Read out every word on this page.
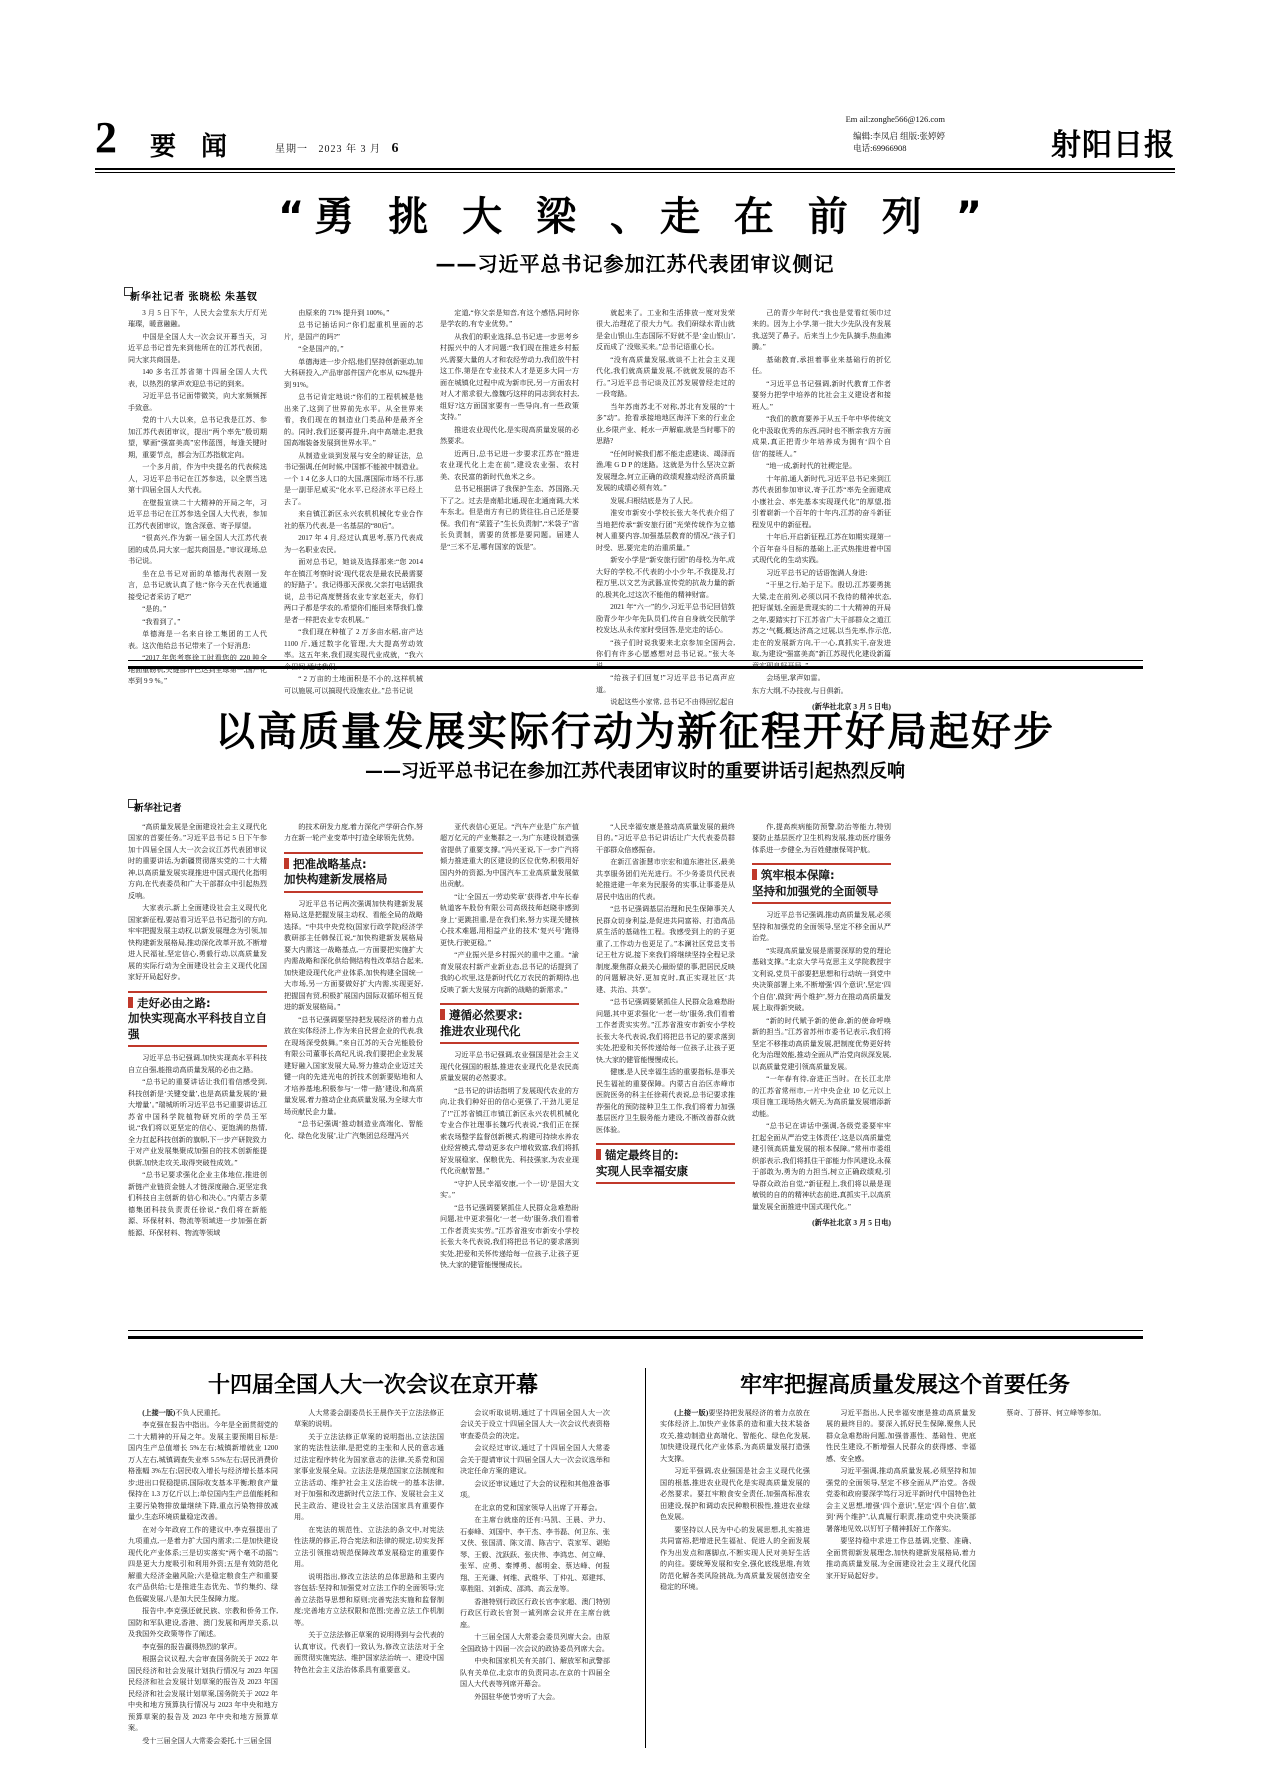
2 要 闻	星期一 2023 年 3 月 6
Em ail:zonghe566@126.com
编辑:李凤启 组版:张婷婷
电话:69966908	射阳日报
“勇 挑 大 梁 、走 在 前 列 ”
——习近平总书记参加江苏代表团审议侧记
新华社记者 张晓松 朱基钗

3 月 5 日下午，人民大会堂东大厅灯光璀璨，暖意融融。

中国是全国人大一次会议开幕当天，习近平总书记首先来到他所在的江苏代表团，同大家共商国是。

140 多名江苏省第十四届全国人大代表，以热烈的掌声欢迎总书记的到来。

习近平总书记面带微笑，向大家频频挥手致意。

党的十八大以来，总书记我是江苏、参加江苏代表团审议，提出“两个率先”殷切期望，擘画“强富美高”宏伟蓝图，每逢关键时期，重要节点，都会为江苏指航定向。

一个多月前，作为中央提名的代表候选人，习近平总书记在江苏参选，以全票当选第十四届全国人大代表。

在壁报宣读二十大精神的开局之年，习近平总书记在江苏参选全国人大代表，参加江苏代表团审议，饱含深意、寄予厚望。

“很高兴,作为新一届全国人大江苏代表团的成员,同大家一起共商国是。”审议现场,总书记说。

坐在总书记对面的单德海代表刚一发言，总书记就认真了他:“你今天在代表通道接受记者采访了吧?”

“是的。”

“我看到了。”

单德海是一名来自徐工集团的工人代表。这次他给总书记带来了一个好消息:

“2017 年您考察徐工时看您的 220 吨全地面重磅机,关键部件已达到全球第一,国产化率到 9 9 %。”

由原来的 71% 提升到 100%。”

总书记插话问:“你们起重机里面的芯片，是国产的吗?”

“全是国产的。”

单德海进一步介绍,他们坚持创新驱动,加大科研投入,产品审部件国产化率从 62%提升到 91%。

总书记肯定地说:“你们的工程机械是他出来了,这到了世界前先水平。从全世界来看，我们现在的制造业门类品种是最齐全的。同时,我们还要再提升,向中高端走,把我国高端装备发展到世界水平。”

从制造业谈到发展与安全的辩证法，总书记强调,任何时候,中国都不能被中制造业。一个 1 4 亿多人口的大国,落国际市场不行,那是一副菲尼威买“化水平,已经济水平已经上去了。

来自镇江新区永兴农机机械化专业合作社的蔡乃代表,是一名基层的“80后”。

2017 年 4 月,经过认真思考,蔡乃代表成为一名职业农民。

面对总书记，她谈及选择那来:“您 2014 年在镇江考察时说‘现代花农是最农民最需要的好路子’。我记得那天深夜,父亲打电话跟我说，总书记高度赞扬农业专家赵亚夫，你们两口子都是学农的,希望你们能回来帮我们,像是者一样把农业专农机展。”

“我们现在种植了 2 万多亩水稻,亩产达 1100 斤,通过数字化管理,大大提高劳动效率。这五年来,我们现实现代业成就，“我六个田间,通过我们,

“ 2 万亩的土地面积是不小的,这样机械可以施展,可以搞现代设施农业。”总书记说

定道,“你父亲是知音,有这个感悟,同时你是学农的,有专业优势。”

从我们的职业选择,总书记进一步思考乡村振兴中的人才问题:“我们现在推进乡村振兴,需要大量的人才和农经劳动力,我们放牛村这工作,第是在专业技术人才是更多大同一方面在城镇化过程中成为新市民,另一方面农村对人才需求很大,像魏巧这样的同志到农村去,组好?这方面国家要有一些导向,有一些政策支持。”

推进农业现代化,是实现高质量发展的必然要求。

近两日,总书记进一步要求江苏在“推进农业现代化上走在前”,建设农业强、农村美、农民富的新时代鱼米之乡。

总书记根据讲了我保护生态、苏国路,天下了之。过去是南船北通,现在北通南调,大米车东北。但是南方有已的货往往,自己还是要保。我们有“菜篮子”生长负责制”,“米袋子”省长负责制，需要的货都是要同题。届建人是“三米不足,哪有国家的饭是”。

就起来了。工业和生活排放一度对发荣很大,治理花了很大力气。我们研绿水青山就是金山银山,生态国际不好就不是‘金山银山’,反而成了‘没账买来。”总书记语重心长。

“没有高质量发展,就谈不上社会主义现代化,我们就高质量发展,不就就发展的态不行。”习近平总书记谈及江苏发展曾经走过的一段弯路。

当年苏南苏北不对称,苏北有发展的“十多”动”。抢看承接地地区海洋下来的行业企业,乡限产业、耗水一声解雇,就是当时哪下的思路?

“任何时候我们都不能走虑建谈、竭泽而渔,唯 G D P 的迷路。这就是为什么坚决立新发展理念,何立正确的政绩观推动经济高质量发展的成绩必须有效。”

发展,归根结底是为了人民。

准安市新安小学校长张大冬代表介绍了当地把传承“新安旅行团”光荣传统作为立德树人重要内容,加强基层教育的情况,“孩子们时受、思,要完走的治重质量。”

新安小学是“新安旅行团”的母校,为年,成大好的学校,不代表的小小少年,不我提及,打程万里,以文艺为武器,宣传党的抗战力量的新的,极其化,过这次不能他的精神财富。

2021 年“六一”的少,习近平总书记回信鼓励青少年少年先队员们,传自自身就交民航学校发达,从永传家时受回答,是完走的话心。

“孩子们时说我要来北京参加全国两会,你们有许多心愿感想对总书记说。”张大冬说。

“给孩子们回复!”习近平总书记高声应道。

说起这些小家常, 总书记不由得回忆起自

己的青少年时代:“我也是觉看红领巾过来的。因为上小学,第一批大少先队没有发展我,送哭了鼻子。后来当上少先队摘手,热血沸腾。”

基础教育,承担着事业来基础行的折忆任。

“习近平总书记强调,新时代教育工作者要努力把学中培养的比社会主义建设者和接班人。”

“我们的教育要养于从五千年中华传统文化中汲取优秀的东西,同时也不断亲我方方面成果,真正把青少年培养成为拥有‘四个自信’的接班人。”

“地一成,新时代的社稷定是。

十年前,通人新时代,习近平总书记来到江苏代表团参加审议,寄予江苏“率先全面建成小康社会、率先基本实现现代化”的厚望,指引着崭新一个百年的十年内,江苏的奋斗新征程发见中的新征程。

十年后,开启新征程,江苏在如期实现第一个百年奋斗目标的基础上,正式热推进着中国式现代化的生动实践。

习近平总书记的话语饱满人身进:

“干里之行,始于足下。殷切,江苏要勇挑大梁,走在前列,必须以同不我待的精神状态,把好谋划,全面是贵现实的二十大精神的开局之年,要踏实打下江苏省广大干部群众之道江苏之‘气概,概达济高之过展,以当先率,作示范,走在的发展新方向,干一心,真抓实干,奋发进取,为建设“强富美高”新江苏现代化建设新篇章实现良好开局。”

会场里,掌声如雷。

东方大纲,不办技夜,与日俱新。

(新华社北京 3 月 5 日电)
以高质量发展实际行动为新征程开好局起好步
——习近平总书记在参加江苏代表团审议时的重要讲话引起热烈反响
新华社记者

“高质量发展是全面建设社会主义现代化国家的首要任务。”习近平总书记 5 日下午参加十四届全国人大一次会议江苏代表团审议时的重要讲话,为新疆贯彻落实党的二十大精神,以高质量发展实现推进中国式现代化指明方向,在代表委员和广大干部群众中引起热烈反响。

大家表示,新上全面建设社会主义现代化国家新征程,要站看习近平总书记指引的方向,牢牢把握发展主动权,以新发展理念为引领,加快构建新发展格局,推动深化改革开放,不断增进人民福祉,坚定信心,勇毅行动,以高质量发展的实际行动为全面建设社会主义现代化国家好开局起好步。

走好必由之路:
加快实现高水平科技自立自强

习近平总书记强调,加快实现高水平科技自立自强,能推动高质量发展的必由之路。

“总书记的重要讲话让我们看信感受到,科技创新是‘关键变量’,也是高质量发展的‘最大增量’。”瑞城昕昕习近平总书记重要讲话,江苏省中国科学院植物研究所的学员王军说,“我们将以更坚定的信心、更饱满的热情,全力扛起科技创新的旗帜,下一步产研院致力于对产业发展集聚成加强自的技术创新能提供新,加快走攻关,取得突破性成效。”

“总书记要求强化企业主体地位,推进创新链产业链资金链人才链深度融合,更坚定我们科技自主创新的信心和决心。”内蒙古多蒙德集团科技负责责任徐说,“我们将在新能源、环保材料、物流等领域进一步加强在新能源、环保材料、物流等领域

的技术研发力度,着力深化产学研合作,努力在新一轮产业变革中打造全球领先优势。

把准战略基点:
加快构建新发展格局

习近平总书记两次强调加快构建新发展格局,这是把握发展主动权、看能全局的战略选择。“中共中央党校(国家行政学院)经济学教研部主任韩保江说,“加快构建新发展格局要大内需这一战略基点,一方面要把实施扩大内需战略和深化供给侧结构性改革结合起来,加快建设现代化产业体系,加快构建全国统一大市场,另一方面要做好扩大内需,实现更好,把握国有贸,积极扩展国内国际双循环相互促进的新发展格局。”

“总书记强调要坚持把发展经济的着力点放在实体经济上,作为来自民营企业的代表,我在现场深受鼓舞。”来自江苏的天合光能股份有限公司董事长高纪凡说,我们要把企业发展建好融入国家发展大局,努力推动企业迈过关键一向的先进光电的折技术创新要贴地和人才培养基地,积极参与‘一带一路’建设,和高质量发展,着力推动企业高质量发展,为全球大市场贡献民企力量。

“总书记强调‘推动制造业高端化、智能化、绿色化发展’,让广汽集团总经理冯兴

亚代表信心更足。“汽车产业是广东产值超万亿元的产业集群之一,为广东建设制造强省提供了重要支撑。”冯兴亚说,下一步广汽将倾力推进重大的区建设的区位优势,积极用好国内外的资源,为中国汽车工业高质量发展做出贡献。

“让‘全国五一劳动奖章’获得者,中车长春轨道客车股份有限公司高级技师赵晓非感到身上‘更跳担重,是在我们来,努力实现关键核心技术难题,用相益产业的技术‘复兴号’跑得更快,行驶更稳。”

“产业振兴是乡村振兴的重中之重。“渝育发展农村新产业新业态,总书记的话提到了我的心坎里,这是新时代亿万农民的新期待,也反映了新大发展方向新的战略的新需求。”

遵循必然要求:
推进农业现代化

习近平总书记强调,农业强国是社会主义现代化强国的根基,推进农业现代化是农民高质量发展的必然要求。

“总书记的讲话指明了发展现代农业的方向,让我们种好田的信心更强了,干劲儿更足了!”江苏省镇江市镇江新区永兴农机机械化专业合作社理事长魏巧代表说,“我们正在探索农场整学监督创新模式,构建可持续水养农业经营模式,带动更多农户增收致富,我们将抓好发展稳家、保粮优先、科技强家,为农业现代化贡献智慧。”

“守护人民幸福安康,一个一切‘是国大文实'。”

“总书记强调要紧抓住人民群众急难愁盼问题,社中更求强化‘一老一幼’服务,我们看着工作者责实实劳。”江苏省淮安市新安小学校长张大冬代表说,我们将把总书记的要求落到实处,把爱和关怀传递给每一位孩子,让孩子更快,大家的健管能慢慢成长。

“人民幸福安康是推动高质量发展的最终目的。”习近平总书记讲话让广大代表委员群干部群众倍感振奋。

在新江省浙慧市宗宏和道东港社区,最美共享服务团们光光进行。不少务委员代民表轮推进建一年来为民服务的实事,让事委是从居民中选出的代表。

“总书记强调基层治理和民生保障事关人民群众切身利益,是促进共同富裕、打造高品质生活的基础性工程。我感受到上的的子更重了,工作动力也更足了。”本澜社区党总支书记王杜方说,接下来我们将继续坚持全程记录制度,聚焦群众最关心最盼望的事,把居民反映的问题解决好,更加克时,真正实现社区‘共建、共治、共享’。

“总书记强调要紧抓住人民群众急难愁盼问题,其中更求强化‘一老一幼’服务,我们看着工作者责实实劳。”江苏省淮安市新安小学校长张大冬代表说,我们将把总书记的要求落到实处,把爱和关怀传递给每一位孩子,让孩子更快,大家的健管能慢慢成长。

健康,是人民幸福生活的重要指标,是事关民生福祉的重要保障。内蒙古自治区赤峰市医院医务的科主任徐莉代表说,总书记要求推荐强化的预防接种卫生工作,我们将着力加强基层医疗卫生服务能力建设,不断改善群众就医体验。

锚定最终目的:
实现人民幸福安康

作,提高疾病能防预警,防治等能力,特别要防止基层医疗卫生机构发展,推动医疗服务体系进一步健全,为百姓健康保驾护航。

筑牢根本保障:
坚持和加强党的全面领导

习近平总书记强调,推动高质量发展,必须坚持和加强党的全面领导,坚定不移全面从严治党。

“实现高质量发展是需要深厚的党的理论基础支撑。”北京大学马克思主义学院教授宇文利说,党员干部要把思想和行动统一到党中央决策部署上来,不断增强‘四个意识’,坚定‘四个自信’,做到‘两个维护’,努力在推动高质量发展上取得新突破。

“新的时代赋予新的使命,新的使命呼唤新的担当。”江苏省苏州市委书记表示,我们将坚定不移推动高质量发展,把制度优势更好转化为治理效能,推动全面从严治党向纵深发展,以高质量党建引领高质量发展。

“一年春有待,奋进正当时。在长江北岸的江苏省常州市,一片中央企业 10 亿元以上项目施工现场热火朝天,为高质量发展增添新动能。

“总书记在讲话中强调,各级党委要牢牢扛起全面从严治党主体责任’,这是以高质量党建引领高质量发展的根本保障。”常州市委组织部表示,我们将抓住干部能力作风建设,永葆于部敢为,勇为的力担当,树立正确政绩观,引导群众政治自觉,“新征程上,我们将以最是现敏锐的自的的精神状态前进,真抓实干,以高质量发展全面推进中国式现代化。”

(新华社北京 3 月 5 日电)
十四届全国人大一次会议在京开幕	牢牢把握高质量发展这个首要任务

(上接一版)不负人民重托。

李克强在报告中指出。今年是全面贯彻党的二十大精神的开局之年。发展主要预期目标是:国内生产总值增长 5%左右;城镇新增就业 1200 万人左右,城镇调查失业率 5.5%左右;居民消费价格涨幅 3%左右;居民收入增长与经济增长基本同步;进出口促稳提质,国际收支基本平衡;粮食产量保持在 1.3 万亿斤以上;单位国内生产总值能耗和主要污染物排放量继续下降,重点污染物排放减量少,生态环境质量稳定改善。

在对今年政府工作的建议中,李克强提出了九项重点,一是着力扩大国内需求;二是加快建设现代化产业体系;三是切实落实“两个毫不动摇”;四是更大力度吸引和利用外资;五是有效防范化解重大经济金融风险;六是稳定粮食生产和重要农产品供给;七是推进生态优先、节约集约、绿色低碳发展,八是加大民生保障力度。

报告中,李克强还就民族、宗教和侨务工作,国防和军队建设,香港、澳门发展和两岸关系,以及我国外交政策等作了阐述。

李克强的报告赢得热烈的掌声。

根据会议议程,大会审查国务院关于 2022 年国民经济和社会发展计划执行情况与 2023 年国民经济和社会发展计划草案的报告及 2023 年国民经济和社会发展计划草案,国务院关于 2022 年中央和地方预算执行情况与 2023 年中央和地方预算草案的报告及 2023 年中央和地方预算草案。

受十三届全国人大常委会委托,十三届全国

人大常委会副委员长王晨作关于立法法修正草案的说明。

关于立法法修正草案的说明指出,立法法国家的宪法性法律,是把党的主张和人民的意志通过法定程序转化为国家意志的法律,关系党和国家事业发展全局。立法法是规范国家立法制度和立法活动、维护社会主义法治统一的基本法律,对于加强和改进新时代立法工作、发展社会主义民主政治、建设社会主义法治国家具有重要作用。

在宪法的规范性、立法法的条文中,对宪法性法规的修正,符合宪法和法律的规定,切实发挥立法引领推动规范保障改革发展稳定的重要作用。

说明指出,修改立法法的总体思路和主要内容包括:坚持和加强党对立法工作的全面领导;完善立法指导思想和原则;完善宪法实施和监督制度;完善地方立法权限和范围;完善立法工作机制等。

关于立法法修正草案的说明得到与会代表的认真审议。代表们一致认为,修改立法法对于全面贯彻实施宪法、维护国家法治统一、建设中国特色社会主义法治体系具有重要意义。

会议听取说明,通过了十四届全国人大一次会议关于设立十四届全国人大一次会议代表资格审查委员会的决定。

会议经过审议,通过了十四届全国人大常委会关于提请审议十四届全国人大一次会议选举和决定任命方案的建议。

会议还审议通过了大会的议程和其他准备事项。

在北京的党和国家领导人出席了开幕会。

在主席台就座的还有:马凯、王晨、尹力、石泰峰、刘国中、李干杰、李书磊、何卫东、张又侠、张国清、陈文清、陈吉宁、袁家军、谌贻琴、王毅、沈跃跃、张庆伟、李鸿忠、何立峰、张军、应勇、秦博勇、郝明金、蔡达峰、何报翔、王光谦、何维、武维华、丁仲礼、郑建邦、辜胜阻、刘新成、邵鸿、高云龙等。

香港特别行政区行政长官李家超、澳门特别行政区行政长官贺一诚列席会议并在主席台就座。

十三届全国人大常委会委员列席大会。由原全国政协十四届一次会议的政协委员列席大会。

中央和国家机关有关部门、解放军和武警部队有关单位,北京市的负责同志,在京的十四届全国人大代表等列席开幕会。

外国驻华使节旁听了大会。

(上接一版)要坚持把发展经济的着力点放在实体经济上,加快产业体系的造和重大技术装备攻关,推动制造业高端化、智能化、绿色化发展,加快建设现代化产业体系,为高质量发展打造强大支撑。

习近平强调,农业强国是社会主义现代化强国的根基,推进农业现代化是实现高质量发展的必然要求。要扛牢粮食安全责任,加强高标准农田建设,保护和调动农民种粮积极性,推进农业绿色发展。

要坚持以人民为中心的发展思想,扎实推进共同富裕,把增进民生福祉、促进人的全面发展作为出发点和落脚点,不断实现人民对美好生活的向往。要统筹发展和安全,强化底线思维,有效防范化解各类风险挑战,为高质量发展创造安全稳定的环境。

习近平指出,人民幸福安康是推动高质量发展的最终目的。要深入抓好民生保障,聚焦人民群众急难愁盼问题,加强普惠性、基础性、兜底性民生建设,不断增强人民群众的获得感、幸福感、安全感。

习近平强调,推动高质量发展,必须坚持和加强党的全面领导,坚定不移全面从严治党。各级党委和政府要深学笃行习近平新时代中国特色社会主义思想,增强‘四个意识’,坚定‘四个自信’,做到‘两个维护’,认真履行职责,推动党中央决策部署落地见效,以钉钉子精神抓好工作落实。

要坚持稳中求进工作总基调,完整、准确、全面贯彻新发展理念,加快构建新发展格局,着力推动高质量发展,为全面建设社会主义现代化国家开好局起好步。

蔡奇、丁薛祥、何立峰等参加。
